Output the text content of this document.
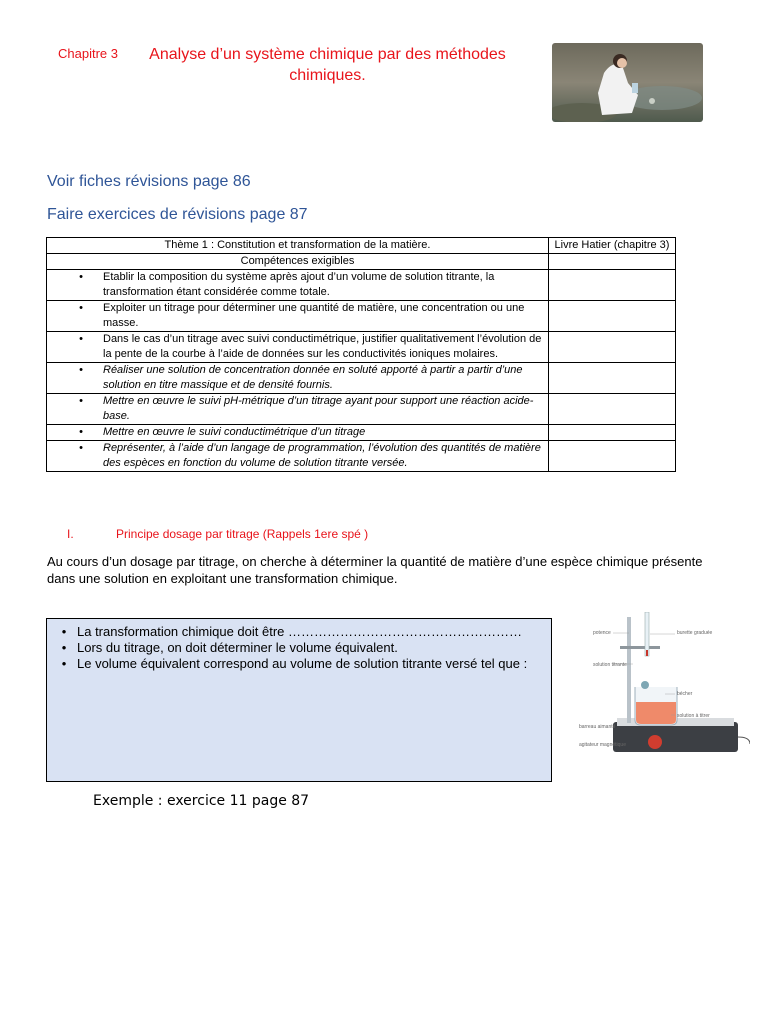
Chapitre 3	Analyse d’un système chimique par des méthodes chimiques.
Voir fiches révisions page 86
Faire exercices de révisions page 87
Thème 1 : Constitution et transformation de la matière.	Livre Hatier (chapitre 3)
Compétences exigibles	

• Etablir la composition du système après ajout d’un volume de solution titrante, la transformation étant considérée comme totale.	

• Exploiter un titrage pour déterminer une quantité de matière, une concentration ou une masse.	

• Dans le cas d’un titrage avec suivi conductimétrique, justifier qualitativement l’évolution de la pente de la courbe à l’aide de données sur les conductivités ioniques molaires.	

• Réaliser une solution de concentration donnée en soluté apporté à partir a partir d’une solution en titre massique et de densité fournis.	

• Mettre en œuvre le suivi pH-métrique d’un titrage ayant pour support une réaction acide-base.	

• Mettre en œuvre le suivi conductimétrique d’un titrage	

• Représenter, à l’aide d’un langage de programmation, l’évolution des quantités de matière des espèces en fonction du volume de solution titrante versée.	

I.	Principe dosage par titrage (Rappels 1ere spé )
Au cours d’un dosage par titrage, on cherche à déterminer la quantité de matière d’une espèce chimique présente dans une solution en exploitant une transformation chimique.
• La transformation chimique doit être ………………………………………………
• Lors du titrage, on doit déterminer le volume équivalent.
• Le volume équivalent correspond au volume de solution titrante versé tel que :
Exemple : exercice 11 page 87
potence	burette graduée
solution titrante
bécher
solution à titrer
barreau aimanté
agitateur magnétique
